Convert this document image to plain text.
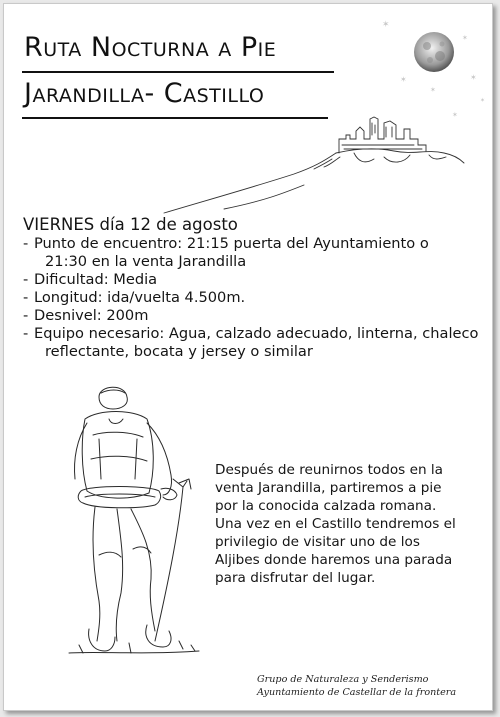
Ruta Nocturna a Pie
Jarandilla- Castillo
✶
✶
✶
✶
✶
✶
✶
VIERNES día 12 de agosto
- Punto de encuentro: 21:15 puerta del Ayuntamiento o
21:30 en la venta Jarandilla
- Dificultad: Media
- Longitud: ida/vuelta 4.500m.
- Desnivel: 200m
- Equipo necesario: Agua, calzado adecuado, linterna, chaleco
reflectante, bocata y jersey o similar
Después de reunirnos todos en la
venta Jarandilla, partiremos a pie
por la conocida calzada romana.
Una vez en el Castillo tendremos el
privilegio de visitar uno de los
Aljibes donde haremos una parada
para disfrutar del lugar.
Grupo de Naturaleza y Senderismo
Ayuntamiento de Castellar de la frontera
